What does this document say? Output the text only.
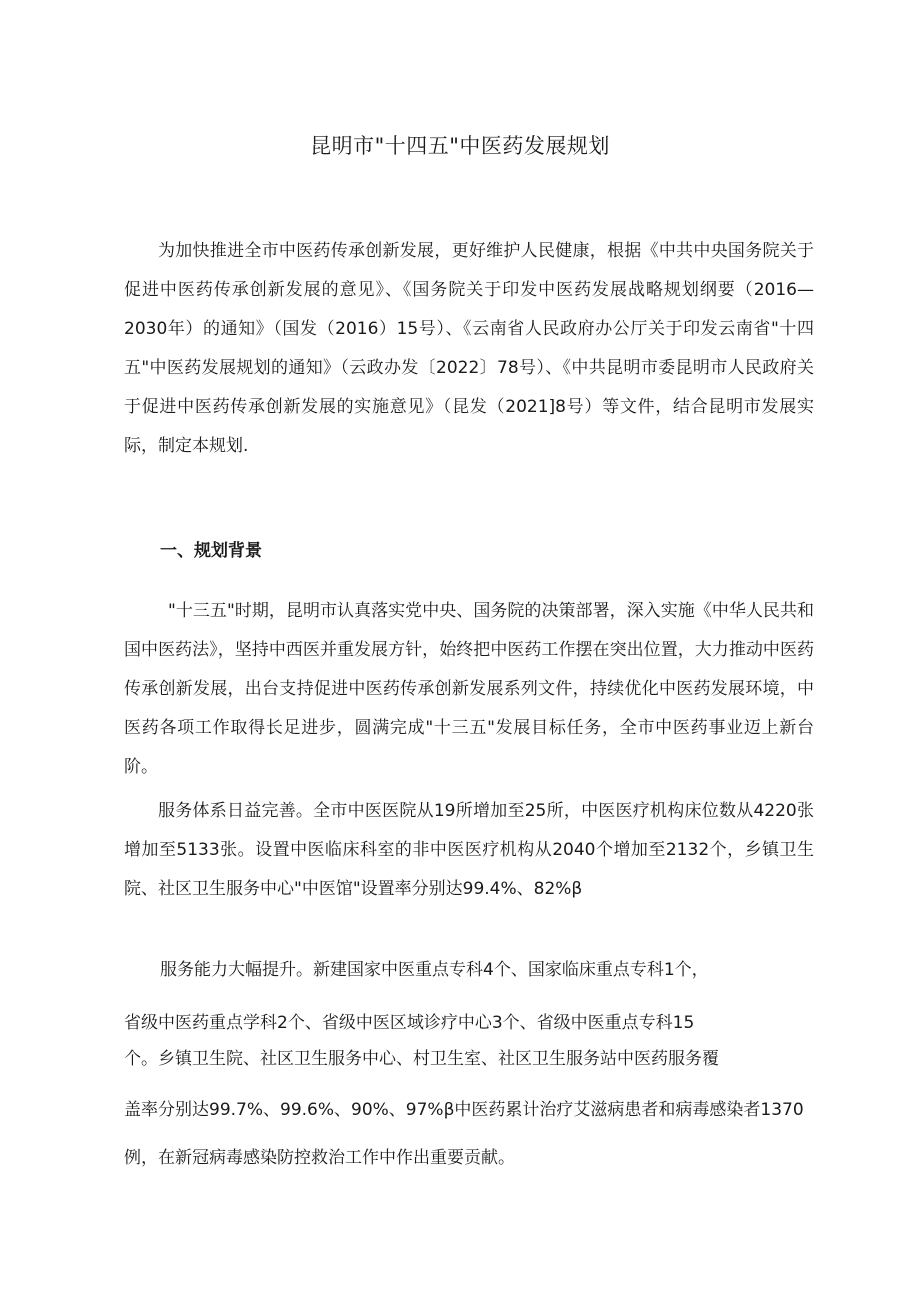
昆明市"十四五"中医药发展规划

为加快推进全市中医药传承创新发展，更好维护人民健康，根据《中共中央国务院关于促进中医药传承创新发展的意见》、《国务院关于印发中医药发展战略规划纲要（2016—2030年）的通知》（国发（2016）15号）、《云南省人民政府办公厅关于印发云南省"十四五"中医药发展规划的通知》（云政办发〔2022〕78号）、《中共昆明市委昆明市人民政府关于促进中医药传承创新发展的实施意见》（昆发（2021]8号）等文件，结合昆明市发展实际，制定本规划.

一、规划背景

"十三五"时期，昆明市认真落实党中央、国务院的决策部署，深入实施《中华人民共和国中医药法》，坚持中西医并重发展方针，始终把中医药工作摆在突出位置，大力推动中医药传承创新发展，出台支持促进中医药传承创新发展系列文件，持续优化中医药发展环境，中医药各项工作取得长足进步，圆满完成"十三五"发展目标任务，全市中医药事业迈上新台阶。

服务体系日益完善。全市中医医院从19所增加至25所，中医医疗机构床位数从4220张增加至5133张。设置中医临床科室的非中医医疗机构从2040个增加至2132个，乡镇卫生院、社区卫生服务中心"中医馆"设置率分别达99.4%、82%β

服务能力大幅提升。新建国家中医重点专科4个、国家临床重点专科1个，
省级中医药重点学科2个、省级中医区域诊疗中心3个、省级中医重点专科15
个。乡镇卫生院、社区卫生服务中心、村卫生室、社区卫生服务站中医药服务覆
盖率分别达99.7%、99.6%、90%、97%β中医药累计治疗艾滋病患者和病毒感染者1370
例，在新冠病毒感染防控救治工作中作出重要贡献。
